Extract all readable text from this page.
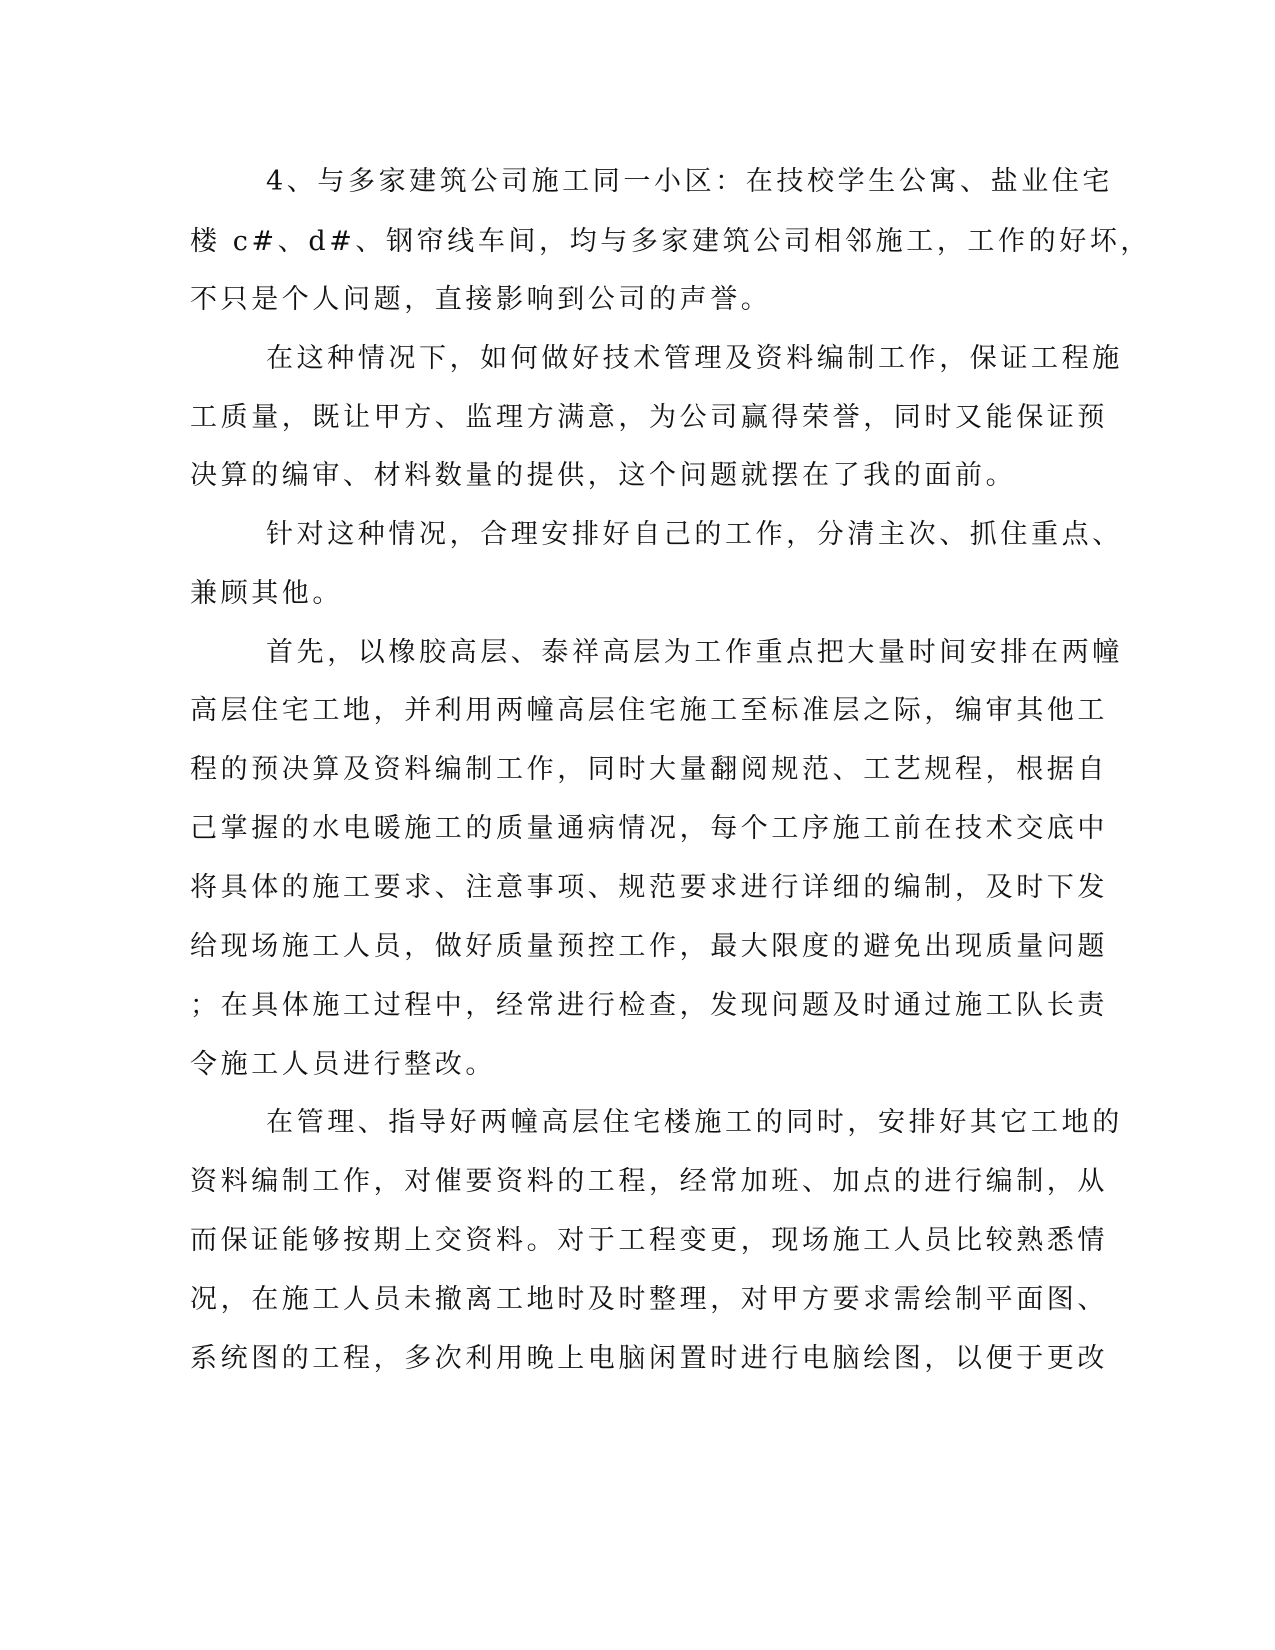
4、与多家建筑公司施工同一小区：在技校学生公寓、盐业住宅
楼 c#、d#、钢帘线车间，均与多家建筑公司相邻施工，工作的好坏，
不只是个人问题，直接影响到公司的声誉。
在这种情况下，如何做好技术管理及资料编制工作，保证工程施
工质量，既让甲方、监理方满意，为公司赢得荣誉，同时又能保证预
决算的编审、材料数量的提供，这个问题就摆在了我的面前。
针对这种情况，合理安排好自己的工作，分清主次、抓住重点、
兼顾其他。
首先，以橡胶高层、泰祥高层为工作重点把大量时间安排在两幢
高层住宅工地，并利用两幢高层住宅施工至标准层之际，编审其他工
程的预决算及资料编制工作，同时大量翻阅规范、工艺规程，根据自
己掌握的水电暖施工的质量通病情况，每个工序施工前在技术交底中
将具体的施工要求、注意事项、规范要求进行详细的编制，及时下发
给现场施工人员，做好质量预控工作，最大限度的避免出现质量问题
；在具体施工过程中，经常进行检查，发现问题及时通过施工队长责
令施工人员进行整改。
在管理、指导好两幢高层住宅楼施工的同时，安排好其它工地的
资料编制工作，对催要资料的工程，经常加班、加点的进行编制，从
而保证能够按期上交资料。对于工程变更，现场施工人员比较熟悉情
况，在施工人员未撤离工地时及时整理，对甲方要求需绘制平面图、
系统图的工程，多次利用晚上电脑闲置时进行电脑绘图，以便于更改
